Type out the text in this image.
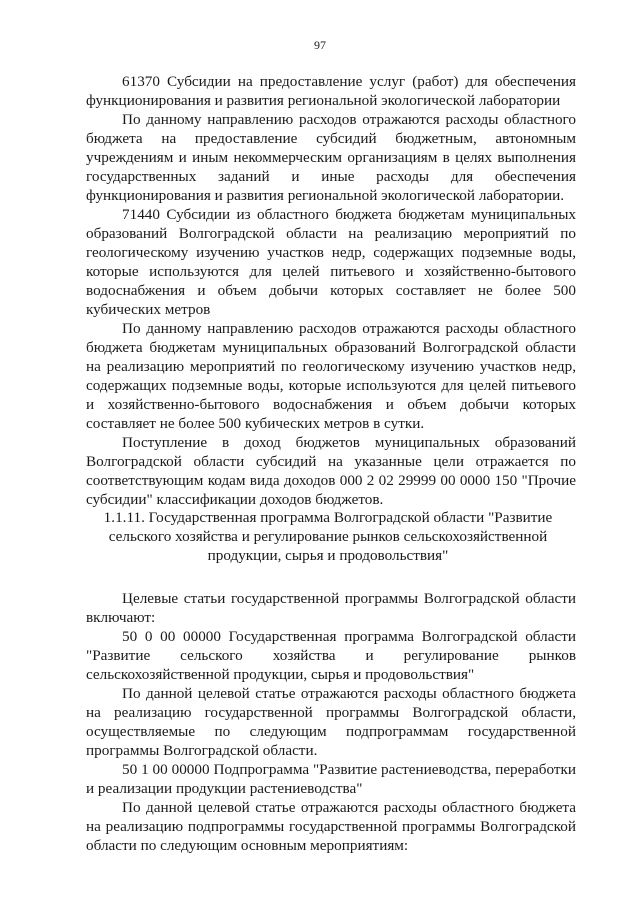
97

61370 Субсидии на предоставление услуг (работ) для обеспечения функционирования и развития региональной экологической лаборатории

По данному направлению расходов отражаются расходы областного бюджета на предоставление субсидий бюджетным, автономным учреждениям и иным некоммерческим организациям в целях выполнения государственных заданий и иные расходы для обеспечения функционирования и развития региональной экологической лаборатории.

71440 Субсидии из областного бюджета бюджетам муниципальных образований Волгоградской области на реализацию мероприятий по геологическому изучению участков недр, содержащих подземные воды, которые используются для целей питьевого и хозяйственно-бытового водоснабжения и объем добычи которых составляет не более 500 кубических метров

По данному направлению расходов отражаются расходы областного бюджета бюджетам муниципальных образований Волгоградской области на реализацию мероприятий по геологическому изучению участков недр, содержащих подземные воды, которые используются для целей питьевого и хозяйственно-бытового водоснабжения и объем добычи которых составляет не более 500 кубических метров в сутки.

Поступление в доход бюджетов муниципальных образований Волгоградской области субсидий на указанные цели отражается по соответствующим кодам вида доходов 000 2 02 29999 00 0000 150 "Прочие субсидии" классификации доходов бюджетов.

1.1.11. Государственная программа Волгоградской области "Развитие сельского хозяйства и регулирование рынков сельскохозяйственной продукции, сырья и продовольствия"

Целевые статьи государственной программы Волгоградской области включают:

50 0 00 00000 Государственная программа Волгоградской области "Развитие сельского хозяйства и регулирование рынков сельскохозяйственной продукции, сырья и продовольствия"

По данной целевой статье отражаются расходы областного бюджета на реализацию государственной программы Волгоградской области, осуществляемые по следующим подпрограммам государственной программы Волгоградской области.

50 1 00 00000 Подпрограмма "Развитие растениеводства, переработки и реализации продукции растениеводства"

По данной целевой статье отражаются расходы областного бюджета на реализацию подпрограммы государственной программы Волгоградской области по следующим основным мероприятиям:
